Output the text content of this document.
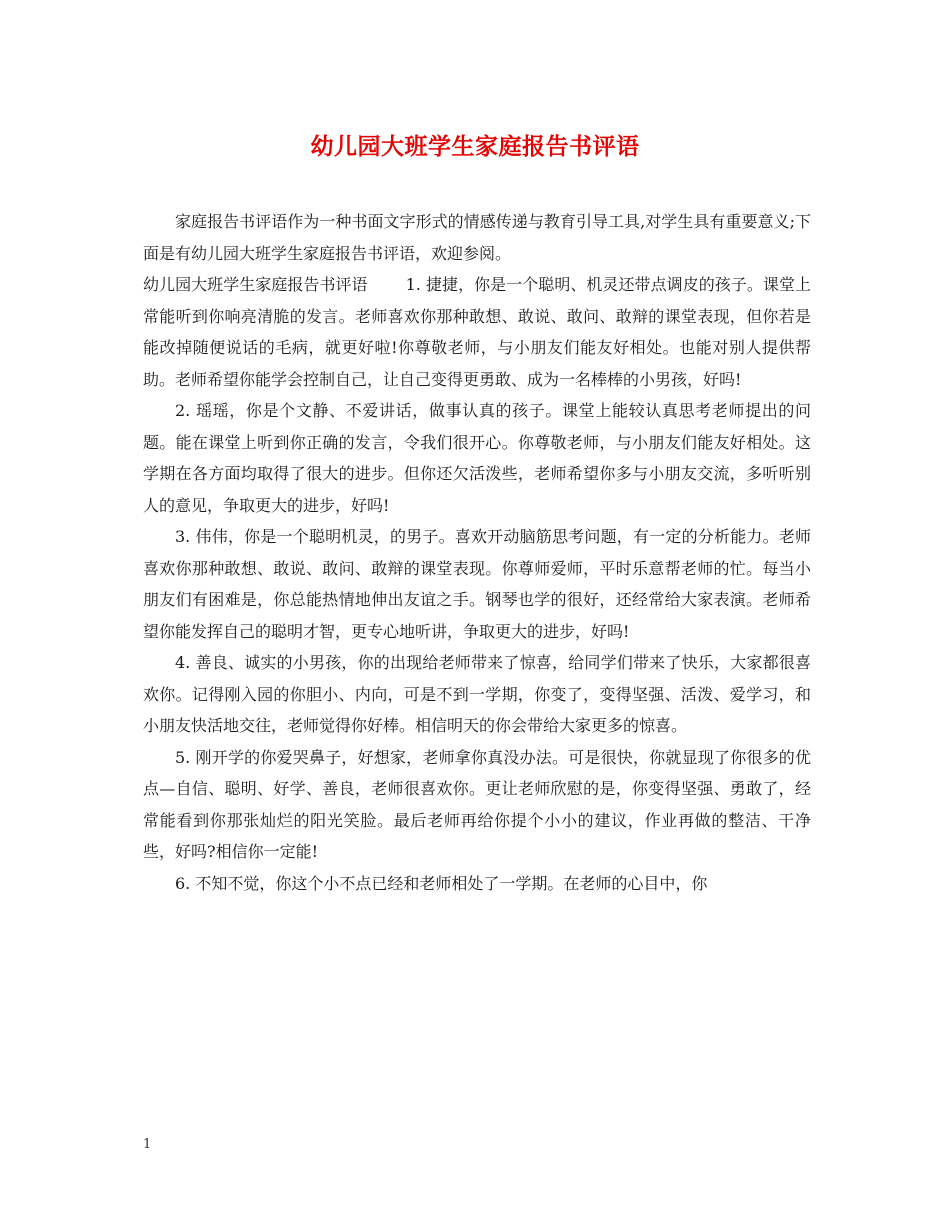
幼儿园大班学生家庭报告书评语

家庭报告书评语作为一种书面文字形式的情感传递与教育引导工具,对学生具有重要意义;下面是有幼儿园大班学生家庭报告书评语，欢迎参阅。

幼儿园大班学生家庭报告书评语 1. 捷捷，你是一个聪明、机灵还带点调皮的孩子。课堂上常能听到你响亮清脆的发言。老师喜欢你那种敢想、敢说、敢问、敢辩的课堂表现，但你若是能改掉随便说话的毛病，就更好啦!你尊敬老师，与小朋友们能友好相处。也能对别人提供帮助。老师希望你能学会控制自己，让自己变得更勇敢、成为一名棒棒的小男孩，好吗!

2. 瑶瑶，你是个文静、不爱讲话，做事认真的孩子。课堂上能较认真思考老师提出的问题。能在课堂上听到你正确的发言，令我们很开心。你尊敬老师，与小朋友们能友好相处。这学期在各方面均取得了很大的进步。但你还欠活泼些，老师希望你多与小朋友交流，多听听别人的意见，争取更大的进步，好吗!

3. 伟伟，你是一个聪明机灵，的男子。喜欢开动脑筋思考问题，有一定的分析能力。老师喜欢你那种敢想、敢说、敢问、敢辩的课堂表现。你尊师爱师，平时乐意帮老师的忙。每当小朋友们有困难是，你总能热情地伸出友谊之手。钢琴也学的很好，还经常给大家表演。老师希望你能发挥自己的聪明才智，更专心地听讲，争取更大的进步，好吗!

4. 善良、诚实的小男孩，你的出现给老师带来了惊喜，给同学们带来了快乐，大家都很喜欢你。记得刚入园的你胆小、内向，可是不到一学期，你变了，变得坚强、活泼、爱学习，和小朋友快活地交往，老师觉得你好棒。相信明天的你会带给大家更多的惊喜。

5. 刚开学的你爱哭鼻子，好想家，老师拿你真没办法。可是很快，你就显现了你很多的优点—自信、聪明、好学、善良，老师很喜欢你。更让老师欣慰的是，你变得坚强、勇敢了，经常能看到你那张灿烂的阳光笑脸。最后老师再给你提个小小的建议，作业再做的整洁、干净些，好吗?相信你一定能!

6. 不知不觉，你这个小不点已经和老师相处了一学期。在老师的心目中，你

1
